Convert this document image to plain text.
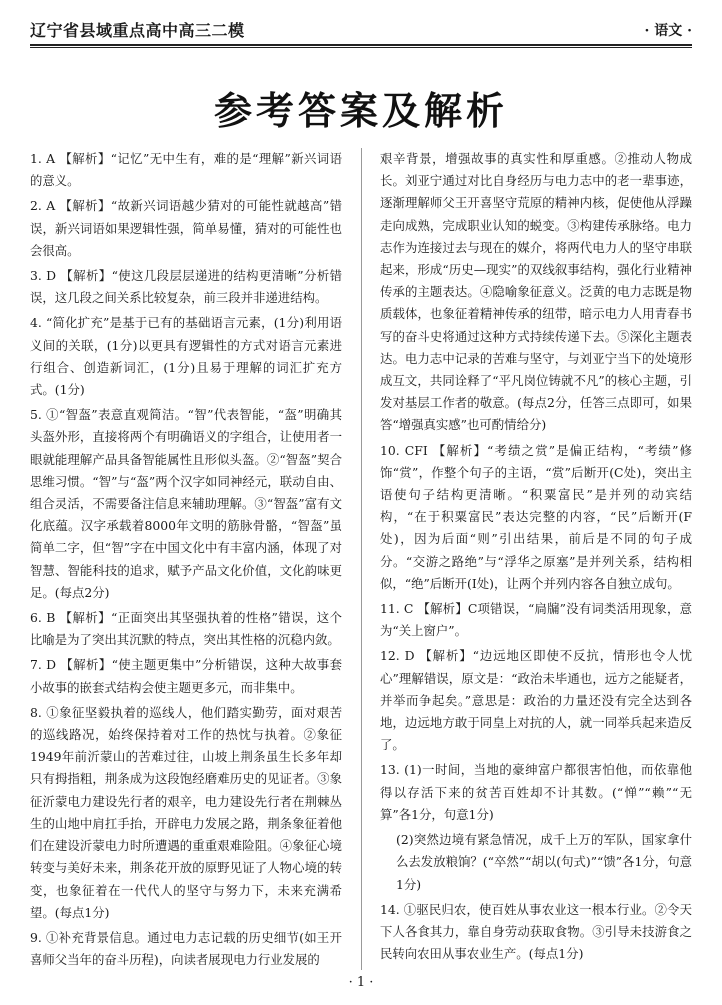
辽宁省县域重点高中高三二模	· 语文 ·
参考答案及解析

1. A 【解析】“记忆”无中生有，难的是“理解”新兴词语的意义。

2. A 【解析】“故新兴词语越少猜对的可能性就越高”错误，新兴词语如果逻辑性强，简单易懂，猜对的可能性也会很高。

3. D 【解析】“使这几段层层递进的结构更清晰”分析错误，这几段之间关系比较复杂，前三段并非递进结构。

4. “简化扩充”是基于已有的基础语言元素，(1分)利用语义间的关联，(1分)以更具有逻辑性的方式对语言元素进行组合、创造新词汇，(1分)且易于理解的词汇扩充方式。(1分)

5. ①“智盔”表意直观简洁。“智”代表智能，“盔”明确其头盔外形，直接将两个有明确语义的字组合，让使用者一眼就能理解产品具备智能属性且形似头盔。②“智盔”契合思维习惯。“智”与“盔”两个汉字如同神经元，联动自由、组合灵活，不需要备注信息来辅助理解。③“智盔”富有文化底蕴。汉字承载着8000年文明的筋脉骨骼，“智盔”虽简单二字，但“智”字在中国文化中有丰富内涵，体现了对智慧、智能科技的追求，赋予产品文化价值，文化韵味更足。(每点2分)

6. B 【解析】“正面突出其坚强执着的性格”错误，这个比喻是为了突出其沉默的特点，突出其性格的沉稳内敛。

7. D 【解析】“使主题更集中”分析错误，这种大故事套小故事的嵌套式结构会使主题更多元，而非集中。

8. ①象征坚毅执着的巡线人，他们踏实勤劳，面对艰苦的巡线路况，始终保持着对工作的热忱与执着。②象征1949年前沂蒙山的苦难过往，山坡上荆条虽生长多年却只有拇指粗，荆条成为这段饱经磨难历史的见证者。③象征沂蒙电力建设先行者的艰辛，电力建设先行者在荆棘丛生的山地中肩扛手抬，开辟电力发展之路，荆条象征着他们在建设沂蒙电力时所遭遇的重重艰难险阻。④象征心境转变与美好未来，荆条花开放的原野见证了人物心境的转变，也象征着在一代代人的坚守与努力下，未来充满希望。(每点1分)

9. ①补充背景信息。通过电力志记载的历史细节(如王开喜师父当年的奋斗历程)，向读者展现电力行业发展的

艰辛背景，增强故事的真实性和厚重感。②推动人物成长。刘亚宁通过对比自身经历与电力志中的老一辈事迹，逐渐理解师父王开喜坚守荒原的精神内核，促使他从浮躁走向成熟，完成职业认知的蜕变。③构建传承脉络。电力志作为连接过去与现在的媒介，将两代电力人的坚守串联起来，形成“历史—现实”的双线叙事结构，强化行业精神传承的主题表达。④隐喻象征意义。泛黄的电力志既是物质载体，也象征着精神传承的纽带，暗示电力人用青春书写的奋斗史将通过这种方式持续传递下去。⑤深化主题表达。电力志中记录的苦难与坚守，与刘亚宁当下的处境形成互文，共同诠释了“平凡岗位铸就不凡”的核心主题，引发对基层工作者的敬意。(每点2分，任答三点即可，如果答“增强真实感”也可酌情给分)

10. CFI 【解析】“考绩之赏”是偏正结构，“考绩”修饰“赏”，作整个句子的主语，“赏”后断开(C处)，突出主语使句子结构更清晰。“积粟富民”是并列的动宾结构，“在于积粟富民”表达完整的内容，“民”后断开(F处)，因为后面“则”引出结果，前后是不同的句子成分。“交游之路绝”与“浮华之原塞”是并列关系，结构相似，“绝”后断开(I处)，让两个并列内容各自独立成句。

11. C 【解析】C项错误，“扃牖”没有词类活用现象，意为“关上窗户”。

12. D 【解析】“边远地区即使不反抗，情形也令人忧心”理解错误，原文是：“政治未毕通也，远方之能疑者，并举而争起矣。”意思是：政治的力量还没有完全达到各地，边远地方敢于同皇上对抗的人，就一同举兵起来造反了。

13. (1)一时间，当地的豪绅富户都很害怕他，而依靠他得以存活下来的贫苦百姓却不计其数。(“惮”“赖”“无算”各1分，句意1分)

(2)突然边境有紧急情况，成千上万的军队，国家拿什么去发放粮饷？(“卒然”“胡以(句式)”“馈”各1分，句意1分)

14. ①驱民归农，使百姓从事农业这一根本行业。②令天下人各食其力，靠自身劳动获取食物。③引导未技游食之民转向农田从事农业生产。(每点1分)

· 1 ·
